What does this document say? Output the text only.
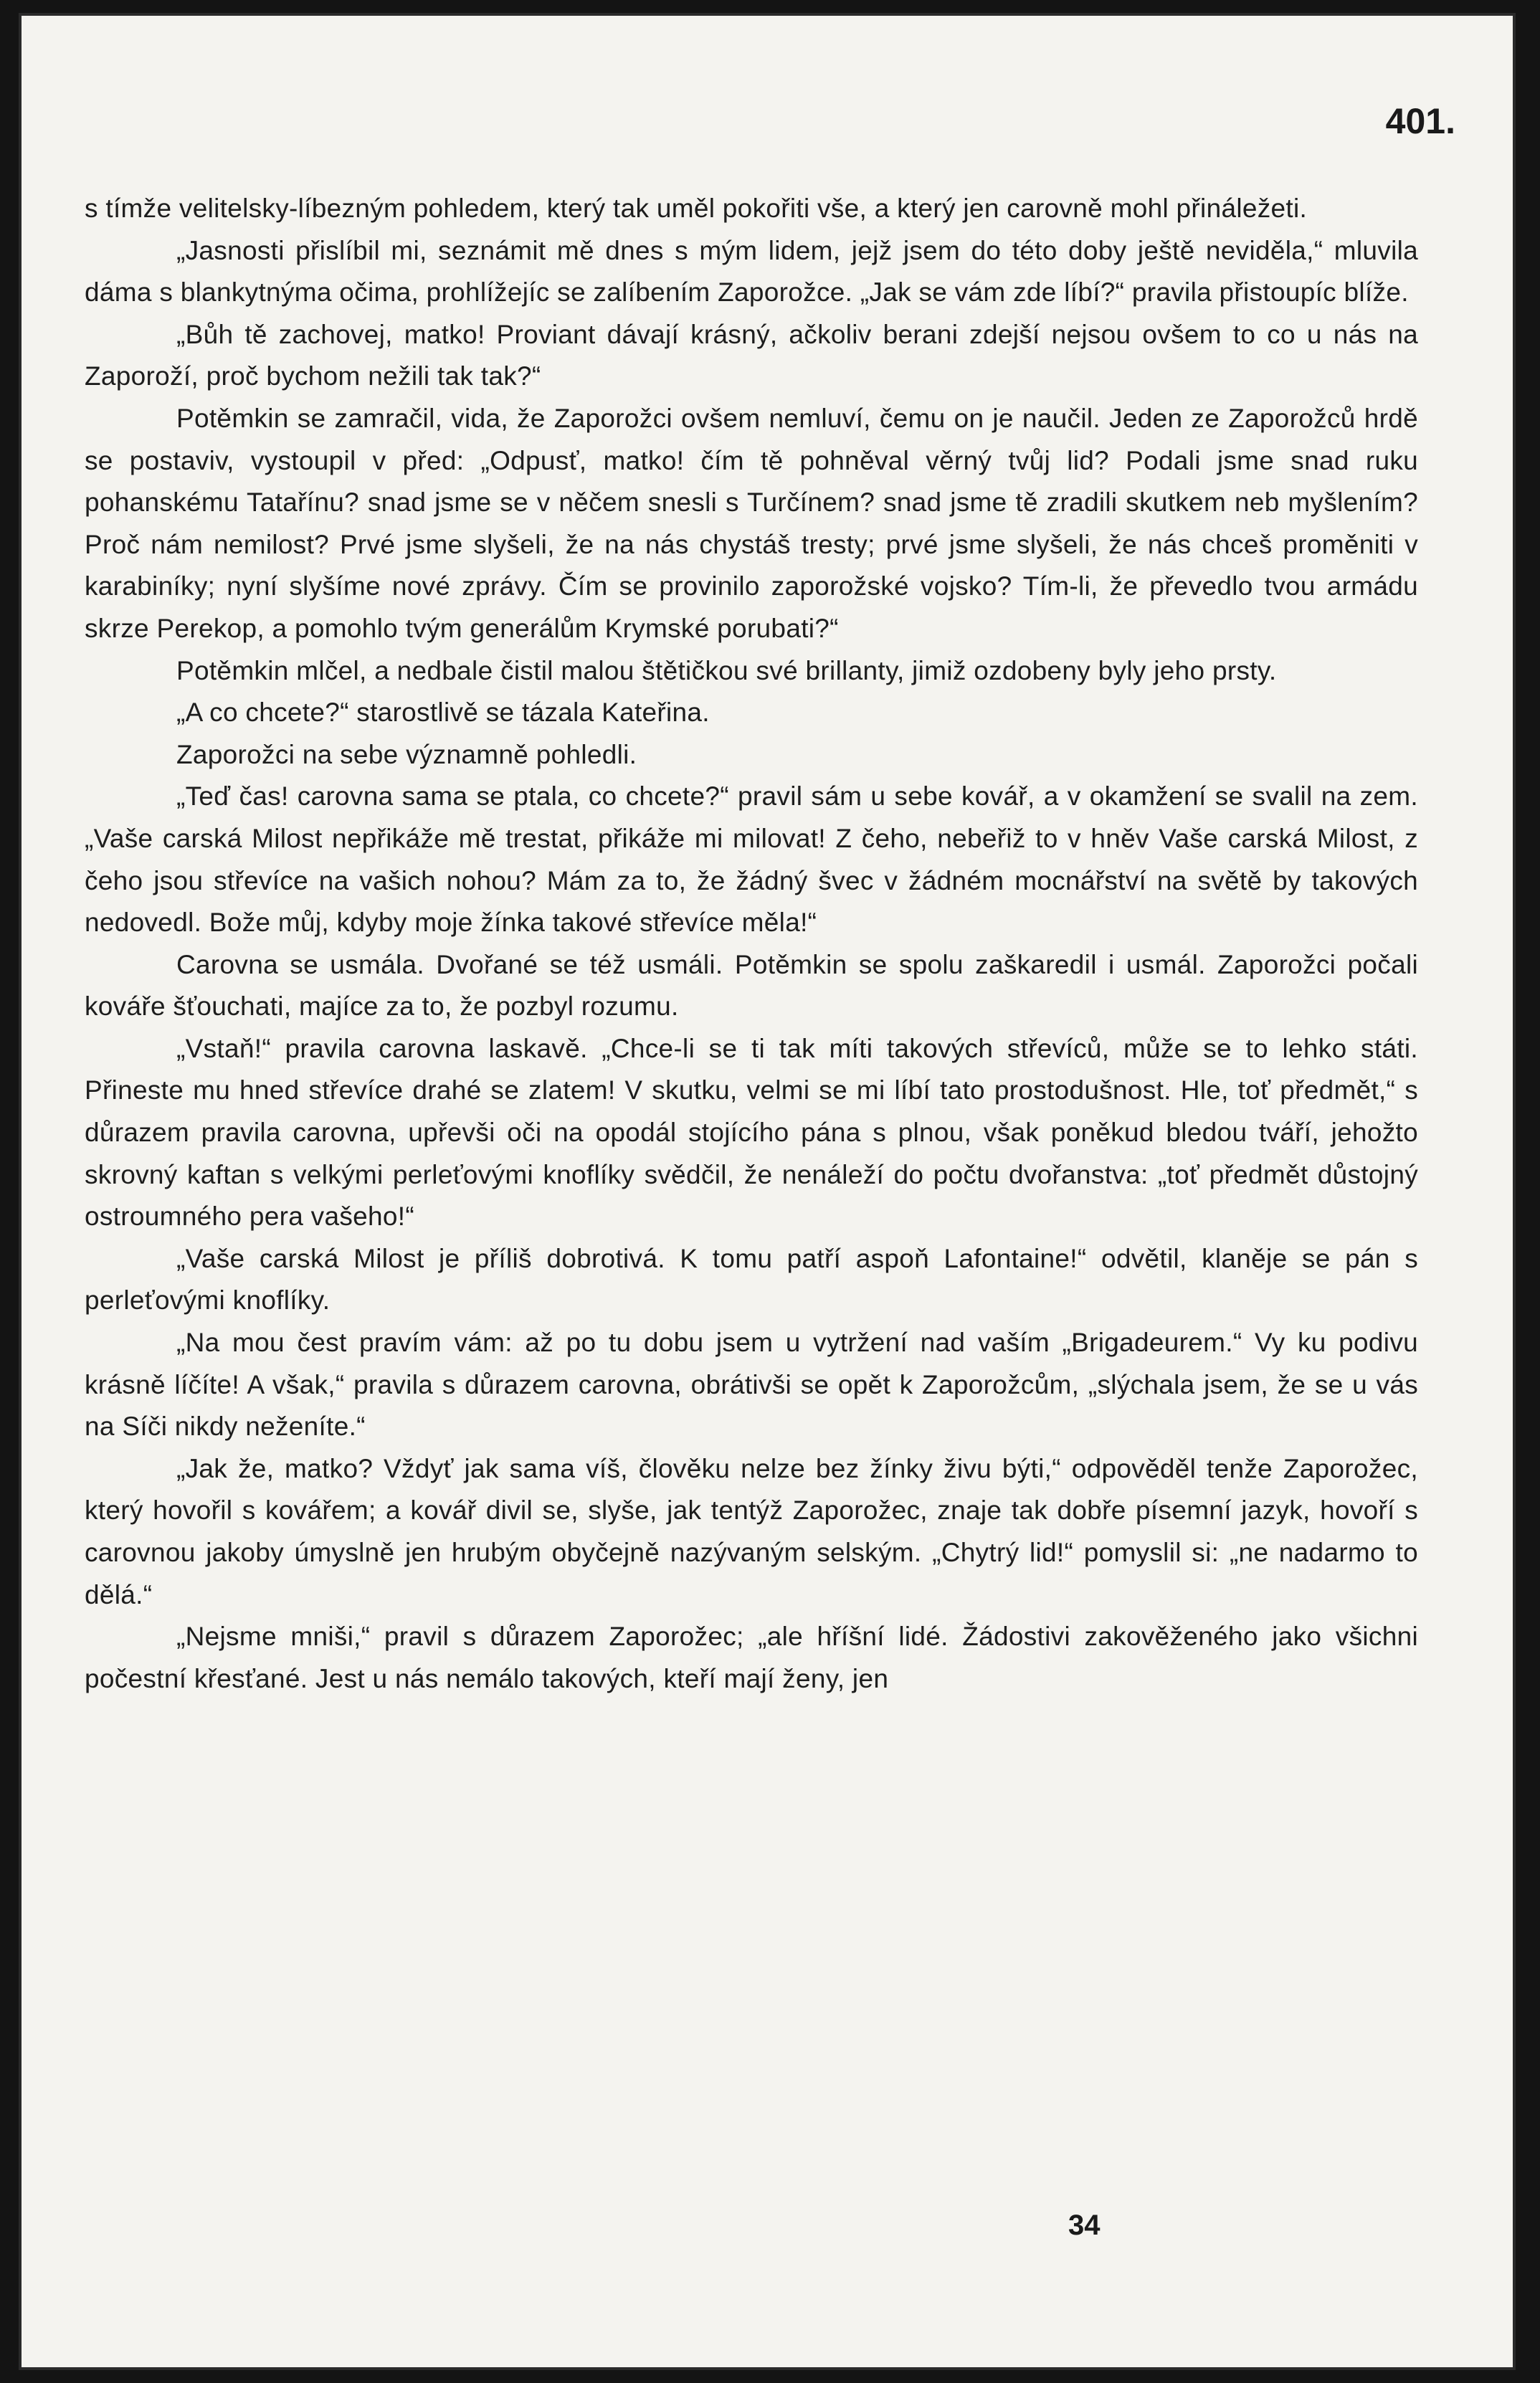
401.

s tímže velitelsky-líbezným pohledem, který tak uměl pokořiti vše, a který jen carovně mohl přináležeti.

„Jasnosti přislíbil mi, seznámit mě dnes s mým lidem, jejž jsem do této doby ještě neviděla,“ mluvila dáma s blankytnýma očima, prohlížejíc se zalíbením Zaporožce. „Jak se vám zde líbí?“ pravila přistoupíc blíže.

„Bůh tě zachovej, matko! Proviant dávají krásný, ačkoliv berani zdejší nejsou ovšem to co u nás na Zaporoží, proč bychom nežili tak tak?“

Potěmkin se zamračil, vida, že Zaporožci ovšem nemluví, čemu on je naučil. Jeden ze Zaporožců hrdě se postaviv, vystoupil v před: „Odpusť, matko! čím tě pohněval věrný tvůj lid? Podali jsme snad ruku pohanskému Tatařínu? snad jsme se v něčem snesli s Turčínem? snad jsme tě zradili skutkem neb myšlením? Proč nám nemilost? Prvé jsme slyšeli, že na nás chystáš tresty; prvé jsme slyšeli, že nás chceš proměniti v karabiníky; nyní slyšíme nové zprávy. Čím se provinilo zaporožské vojsko? Tím-li, že převedlo tvou armádu skrze Perekop, a pomohlo tvým generálům Krymské porubati?“

Potěmkin mlčel, a nedbale čistil malou štětičkou své brillanty, jimiž ozdobeny byly jeho prsty.

„A co chcete?“ starostlivě se tázala Kateřina.

Zaporožci na sebe významně pohledli.

„Teď čas! carovna sama se ptala, co chcete?“ pravil sám u sebe kovář, a v okamžení se svalil na zem. „Vaše carská Milost nepřikáže mě trestat, přikáže mi milovat! Z čeho, nebeřiž to v hněv Vaše carská Milost, z čeho jsou střevíce na vašich nohou? Mám za to, že žádný švec v žádném mocnářství na světě by takových nedovedl. Bože můj, kdyby moje žínka takové střevíce měla!“

Carovna se usmála. Dvořané se též usmáli. Potěmkin se spolu zaškaredil i usmál. Zaporožci počali kováře šťouchati, majíce za to, že pozbyl rozumu.

„Vstaň!“ pravila carovna laskavě. „Chce-li se ti tak míti takových střevíců, může se to lehko státi. Přineste mu hned střevíce drahé se zlatem! V skutku, velmi se mi líbí tato prostodušnost. Hle, toť předmět,“ s důrazem pravila carovna, upřevši oči na opodál stojícího pána s plnou, však poněkud bledou tváří, jehožto skrovný kaftan s velkými perleťovými knoflíky svědčil, že nenáleží do počtu dvořanstva: „toť předmět důstojný ostroumného pera vašeho!“

„Vaše carská Milost je příliš dobrotivá. K tomu patří aspoň Lafontaine!“ odvětil, klaněje se pán s perleťovými knoflíky.

„Na mou čest pravím vám: až po tu dobu jsem u vytržení nad vaším „Brigadeurem.“ Vy ku podivu krásně líčíte! A však,“ pravila s důrazem carovna, obrátivši se opět k Zaporožcům, „slýchala jsem, že se u vás na Síči nikdy neženíte.“

„Jak že, matko? Vždyť jak sama víš, člověku nelze bez žínky živu býti,“ odpověděl tenže Zaporožec, který hovořil s kovářem; a kovář divil se, slyše, jak tentýž Zaporožec, znaje tak dobře písemní jazyk, hovoří s carovnou jakoby úmyslně jen hrubým obyčejně nazývaným selským. „Chytrý lid!“ pomyslil si: „ne nadarmo to dělá.“

„Nejsme mniši,“ pravil s důrazem Zaporožec; „ale hříšní lidé. Žádostivi zakověženého jako všichni počestní křesťané. Jest u nás nemálo takových, kteří mají ženy, jen

34
